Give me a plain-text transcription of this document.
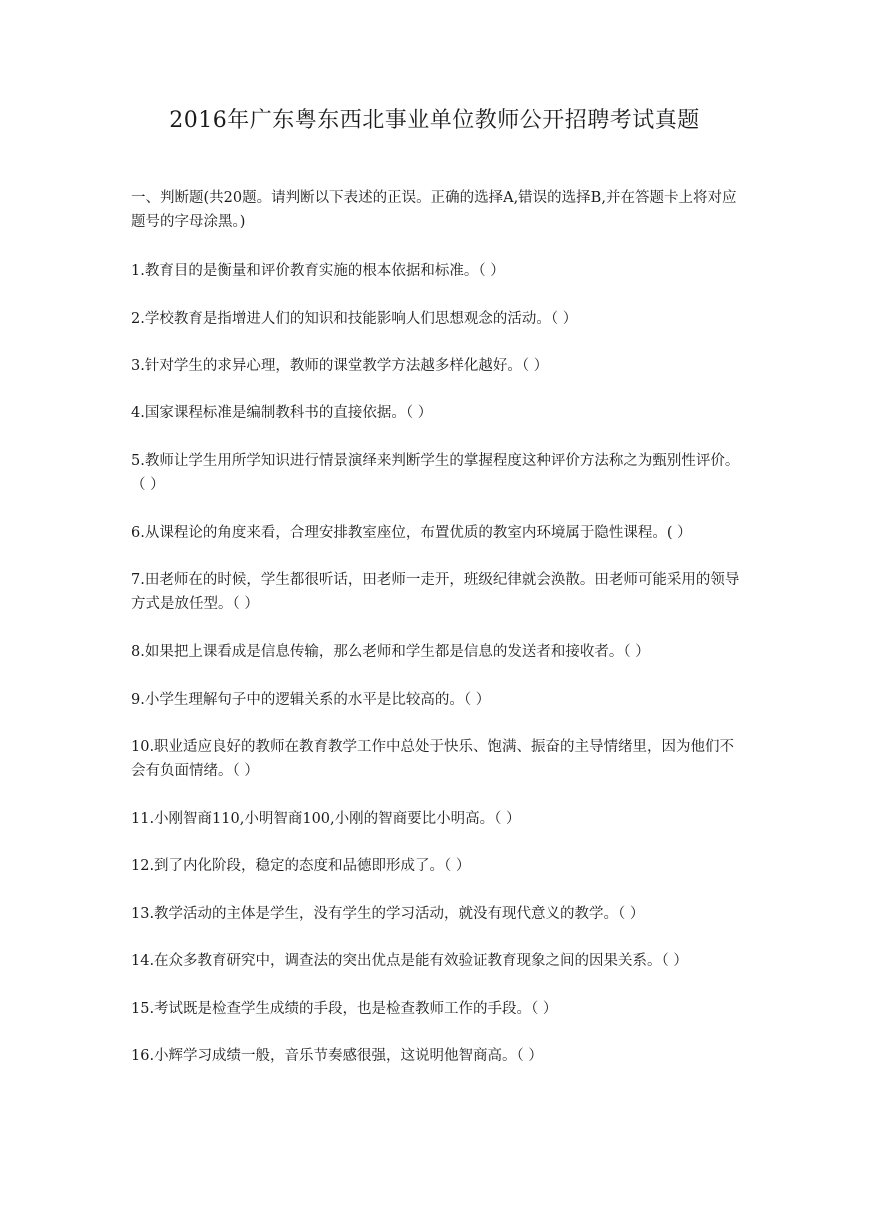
2016年广东粤东西北事业单位教师公开招聘考试真题
一、判断题(共20题。请判断以下表述的正误。正确的选择A,错误的选择B,并在答题卡上将对应题号的字母涂黑。)
1.教育目的是衡量和评价教育实施的根本依据和标准。（ ）
2.学校教育是指增进人们的知识和技能影响人们思想观念的活动。（ ）
3.针对学生的求异心理，教师的课堂教学方法越多样化越好。（ ）
4.国家课程标准是编制教科书的直接依据。（ ）
5.教师让学生用所学知识进行情景演绎来判断学生的掌握程度这种评价方法称之为甄别性评价。（ ）
6.从课程论的角度来看，合理安排教室座位，布置优质的教室内环境属于隐性课程。( ）
7.田老师在的时候，学生都很听话，田老师一走开，班级纪律就会涣散。田老师可能采用的领导方式是放任型。（ ）
8.如果把上课看成是信息传输，那么老师和学生都是信息的发送者和接收者。（ ）
9.小学生理解句子中的逻辑关系的水平是比较高的。（ ）
10.职业适应良好的教师在教育教学工作中总处于快乐、饱满、振奋的主导情绪里，因为他们不会有负面情绪。（ ）
11.小刚智商110,小明智商100,小刚的智商要比小明高。（ ）
12.到了内化阶段，稳定的态度和品德即形成了。（ ）
13.教学活动的主体是学生，没有学生的学习活动，就没有现代意义的教学。（ ）
14.在众多教育研究中，调查法的突出优点是能有效验证教育现象之间的因果关系。（ ）
15.考试既是检查学生成绩的手段，也是检查教师工作的手段。（ ）
16.小辉学习成绩一般，音乐节奏感很强，这说明他智商高。（ ）
